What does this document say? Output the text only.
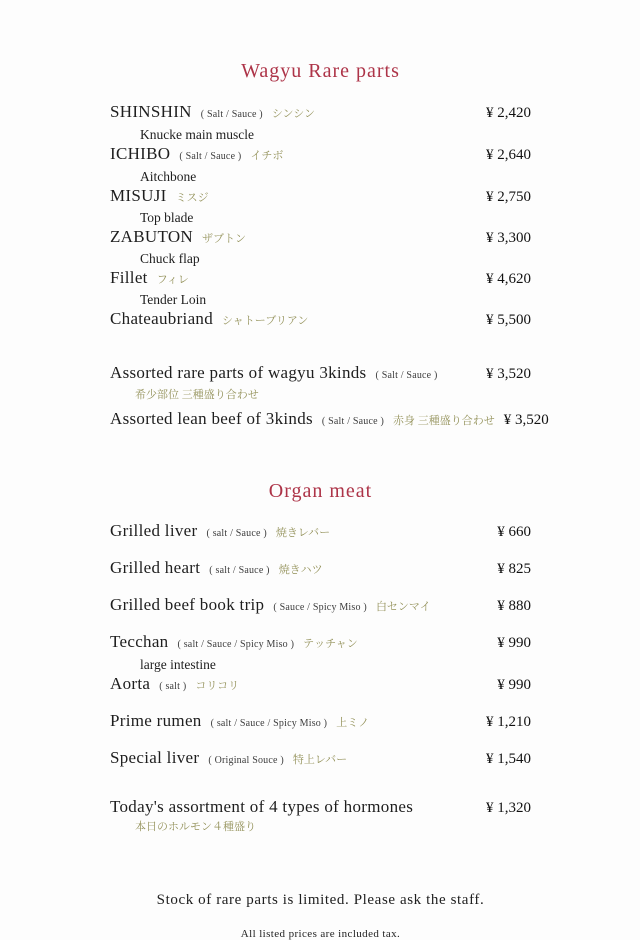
Wagyu Rare parts
SHINSHIN ( Salt / Sauce ) シンシン	¥ 2,420
Knucke main muscle
ICHIBO ( Salt / Sauce ) イチボ	¥ 2,640
Aitchbone
MISUJI ミスジ	¥ 2,750
Top blade
ZABUTON ザブトン	¥ 3,300
Chuck flap
Fillet フィレ	¥ 4,620
Tender Loin
Chateaubriand シャトーブリアン	¥ 5,500
Assorted rare parts of wagyu 3kinds ( Salt / Sauce )	¥ 3,520
希少部位 三種盛り合わせ
Assorted lean beef of 3kinds ( Salt / Sauce ) 赤身 三種盛り合わせ ¥ 3,520
Organ meat
Grilled liver ( salt / Sauce ) 焼きレバー	¥ 660
Grilled heart ( salt / Sauce ) 焼きハツ	¥ 825
Grilled beef book trip ( Sauce / Spicy Miso ) 白センマイ	¥ 880
Tecchan ( salt / Sauce / Spicy Miso ) テッチャン	¥ 990
large intestine
Aorta ( salt ) コリコリ	¥ 990
Prime rumen ( salt / Sauce / Spicy Miso ) 上ミノ	¥ 1,210
Special liver ( Original Souce ) 特上レバー	¥ 1,540
Today's assortment of 4 types of hormones	¥ 1,320
本日のホルモン４種盛り
Stock of rare parts is limited. Please ask the staff.
All listed prices are included tax.
